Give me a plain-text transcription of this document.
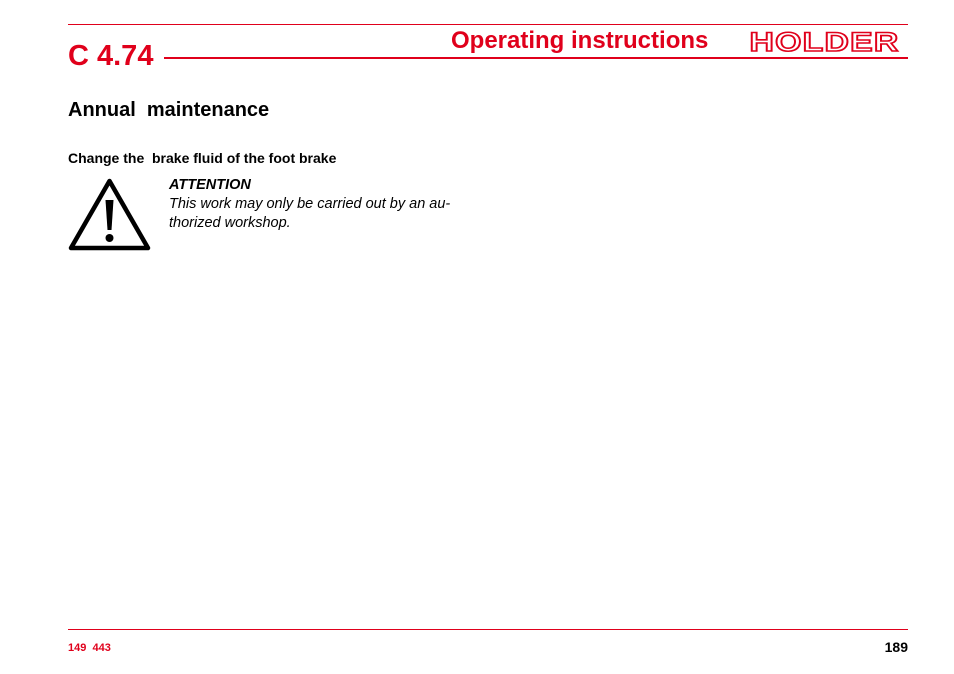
C 4.74	Operating instructions HOLDER
Annual  maintenance
Change the  brake fluid of the foot brake
ATTENTION
This work may only be carried out by an au-
thorized workshop.
149  443	189
